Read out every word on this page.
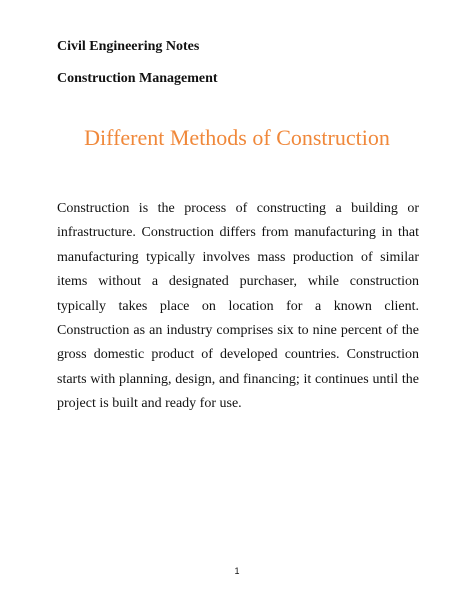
Civil Engineering Notes

Construction Management

Different Methods of Construction

Construction is the process of constructing a building or infrastructure. Construction differs from manufacturing in that manufacturing typically involves mass production of similar items without a designated purchaser, while construction typically takes place on location for a known client. Construction as an industry comprises six to nine percent of the gross domestic product of developed countries. Construction starts with planning, design, and financing; it continues until the project is built and ready for use.

1
